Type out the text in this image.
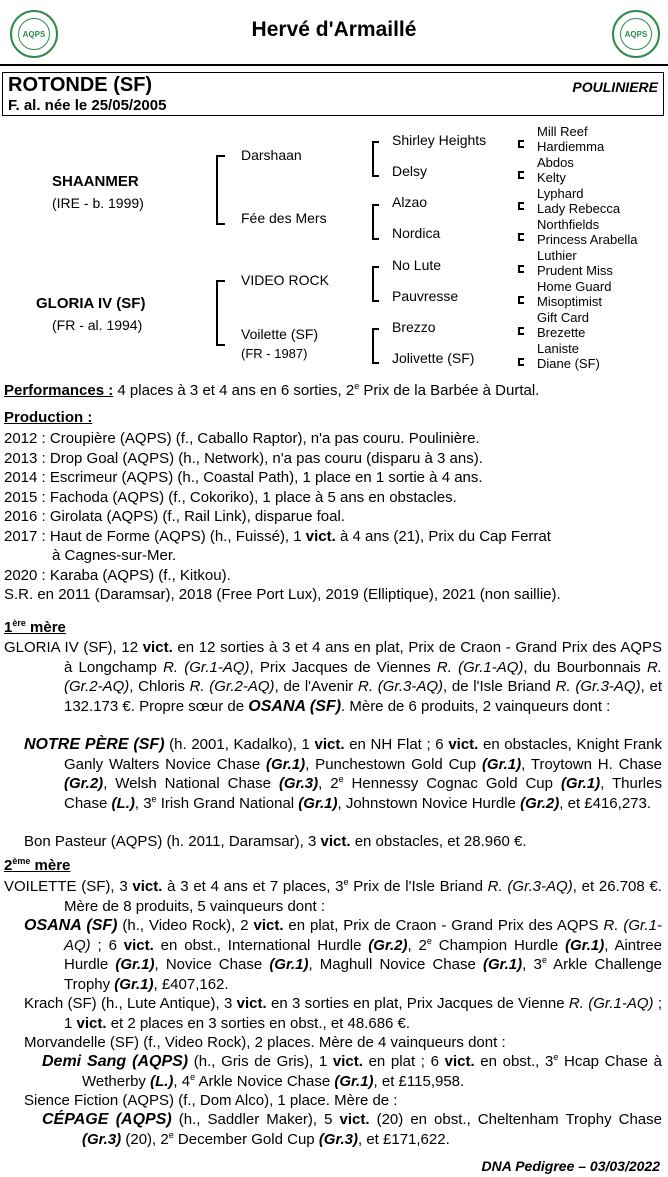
AQPS	AQPS
Hervé d'Armaillé
ROTONDE (SF)
F. al. née le 25/05/2005
POULINIERE
SHAANMER
(IRE - b. 1999)
GLORIA IV (SF)
(FR - al. 1994)
Darshaan
Fée des Mers
VIDEO ROCK
Voilette (SF)
(FR - 1987)
Shirley Heights
Delsy
Alzao
Nordica
No Lute
Pauvresse
Brezzo
Jolivette (SF)
Mill Reef
Hardiemma
Abdos
Kelty
Lyphard
Lady Rebecca
Northfields
Princess Arabella
Luthier
Prudent Miss
Home Guard
Misoptimist
Gift Card
Brezette
Laniste
Diane (SF)
Performances : 4 places à 3 et 4 ans en 6 sorties, 2e Prix de la Barbée à Durtal.
Production :
2012 : Croupière (AQPS) (f., Caballo Raptor), n'a pas couru. Poulinière.
2013 : Drop Goal (AQPS) (h., Network), n'a pas couru (disparu à 3 ans).
2014 : Escrimeur (AQPS) (h., Coastal Path), 1 place en 1 sortie à 4 ans.
2015 : Fachoda (AQPS) (f., Cokoriko), 1 place à 5 ans en obstacles.
2016 : Girolata (AQPS) (f., Rail Link), disparue foal.
2017 : Haut de Forme (AQPS) (h., Fuissé), 1 vict. à 4 ans (21), Prix du Cap Ferrat
à Cagnes-sur-Mer.
2020 : Karaba (AQPS) (f., Kitkou).
S.R. en 2011 (Daramsar), 2018 (Free Port Lux), 2019 (Elliptique), 2021 (non saillie).
1ère mère
GLORIA IV (SF), 12 vict. en 12 sorties à 3 et 4 ans en plat, Prix de Craon - Grand Prix des AQPS à Longchamp R. (Gr.1-AQ), Prix Jacques de Viennes R. (Gr.1-AQ), du Bourbonnais R. (Gr.2-AQ), Chloris R. (Gr.2-AQ), de l'Avenir R. (Gr.3-AQ), de l'Isle Briand R. (Gr.3-AQ), et 132.173 €. Propre sœur de OSANA (SF). Mère de 6 produits, 2 vainqueurs dont :
NOTRE PÈRE (SF) (h. 2001, Kadalko), 1 vict. en NH Flat ; 6 vict. en obstacles, Knight Frank Ganly Walters Novice Chase (Gr.1), Punchestown Gold Cup (Gr.1), Troytown H. Chase (Gr.2), Welsh National Chase (Gr.3), 2e Hennessy Cognac Gold Cup (Gr.1), Thurles Chase (L.), 3e Irish Grand National (Gr.1), Johnstown Novice Hurdle (Gr.2), et £416,273.
Bon Pasteur (AQPS) (h. 2011, Daramsar), 3 vict. en obstacles, et 28.960 €.
2ème mère
VOILETTE (SF), 3 vict. à 3 et 4 ans et 7 places, 3e Prix de l'Isle Briand R. (Gr.3-AQ), et 26.708 €. Mère de 8 produits, 5 vainqueurs dont :
OSANA (SF) (h., Video Rock), 2 vict. en plat, Prix de Craon - Grand Prix des AQPS R. (Gr.1-AQ) ; 6 vict. en obst., International Hurdle (Gr.2), 2e Champion Hurdle (Gr.1), Aintree Hurdle (Gr.1), Novice Chase (Gr.1), Maghull Novice Chase (Gr.1), 3e Arkle Challenge Trophy (Gr.1), £407,162.
Krach (SF) (h., Lute Antique), 3 vict. en 3 sorties en plat, Prix Jacques de Vienne R. (Gr.1-AQ) ; 1 vict. et 2 places en 3 sorties en obst., et 48.686 €.
Morvandelle (SF) (f., Video Rock), 2 places. Mère de 4 vainqueurs dont :
Demi Sang (AQPS) (h., Gris de Gris), 1 vict. en plat ; 6 vict. en obst., 3e Hcap Chase à Wetherby (L.), 4e Arkle Novice Chase (Gr.1), et £115,958.
Sience Fiction (AQPS) (f., Dom Alco), 1 place. Mère de :
CÉPAGE (AQPS) (h., Saddler Maker), 5 vict. (20) en obst., Cheltenham Trophy Chase (Gr.3) (20), 2e December Gold Cup (Gr.3), et £171,622.
DNA Pedigree – 03/03/2022
